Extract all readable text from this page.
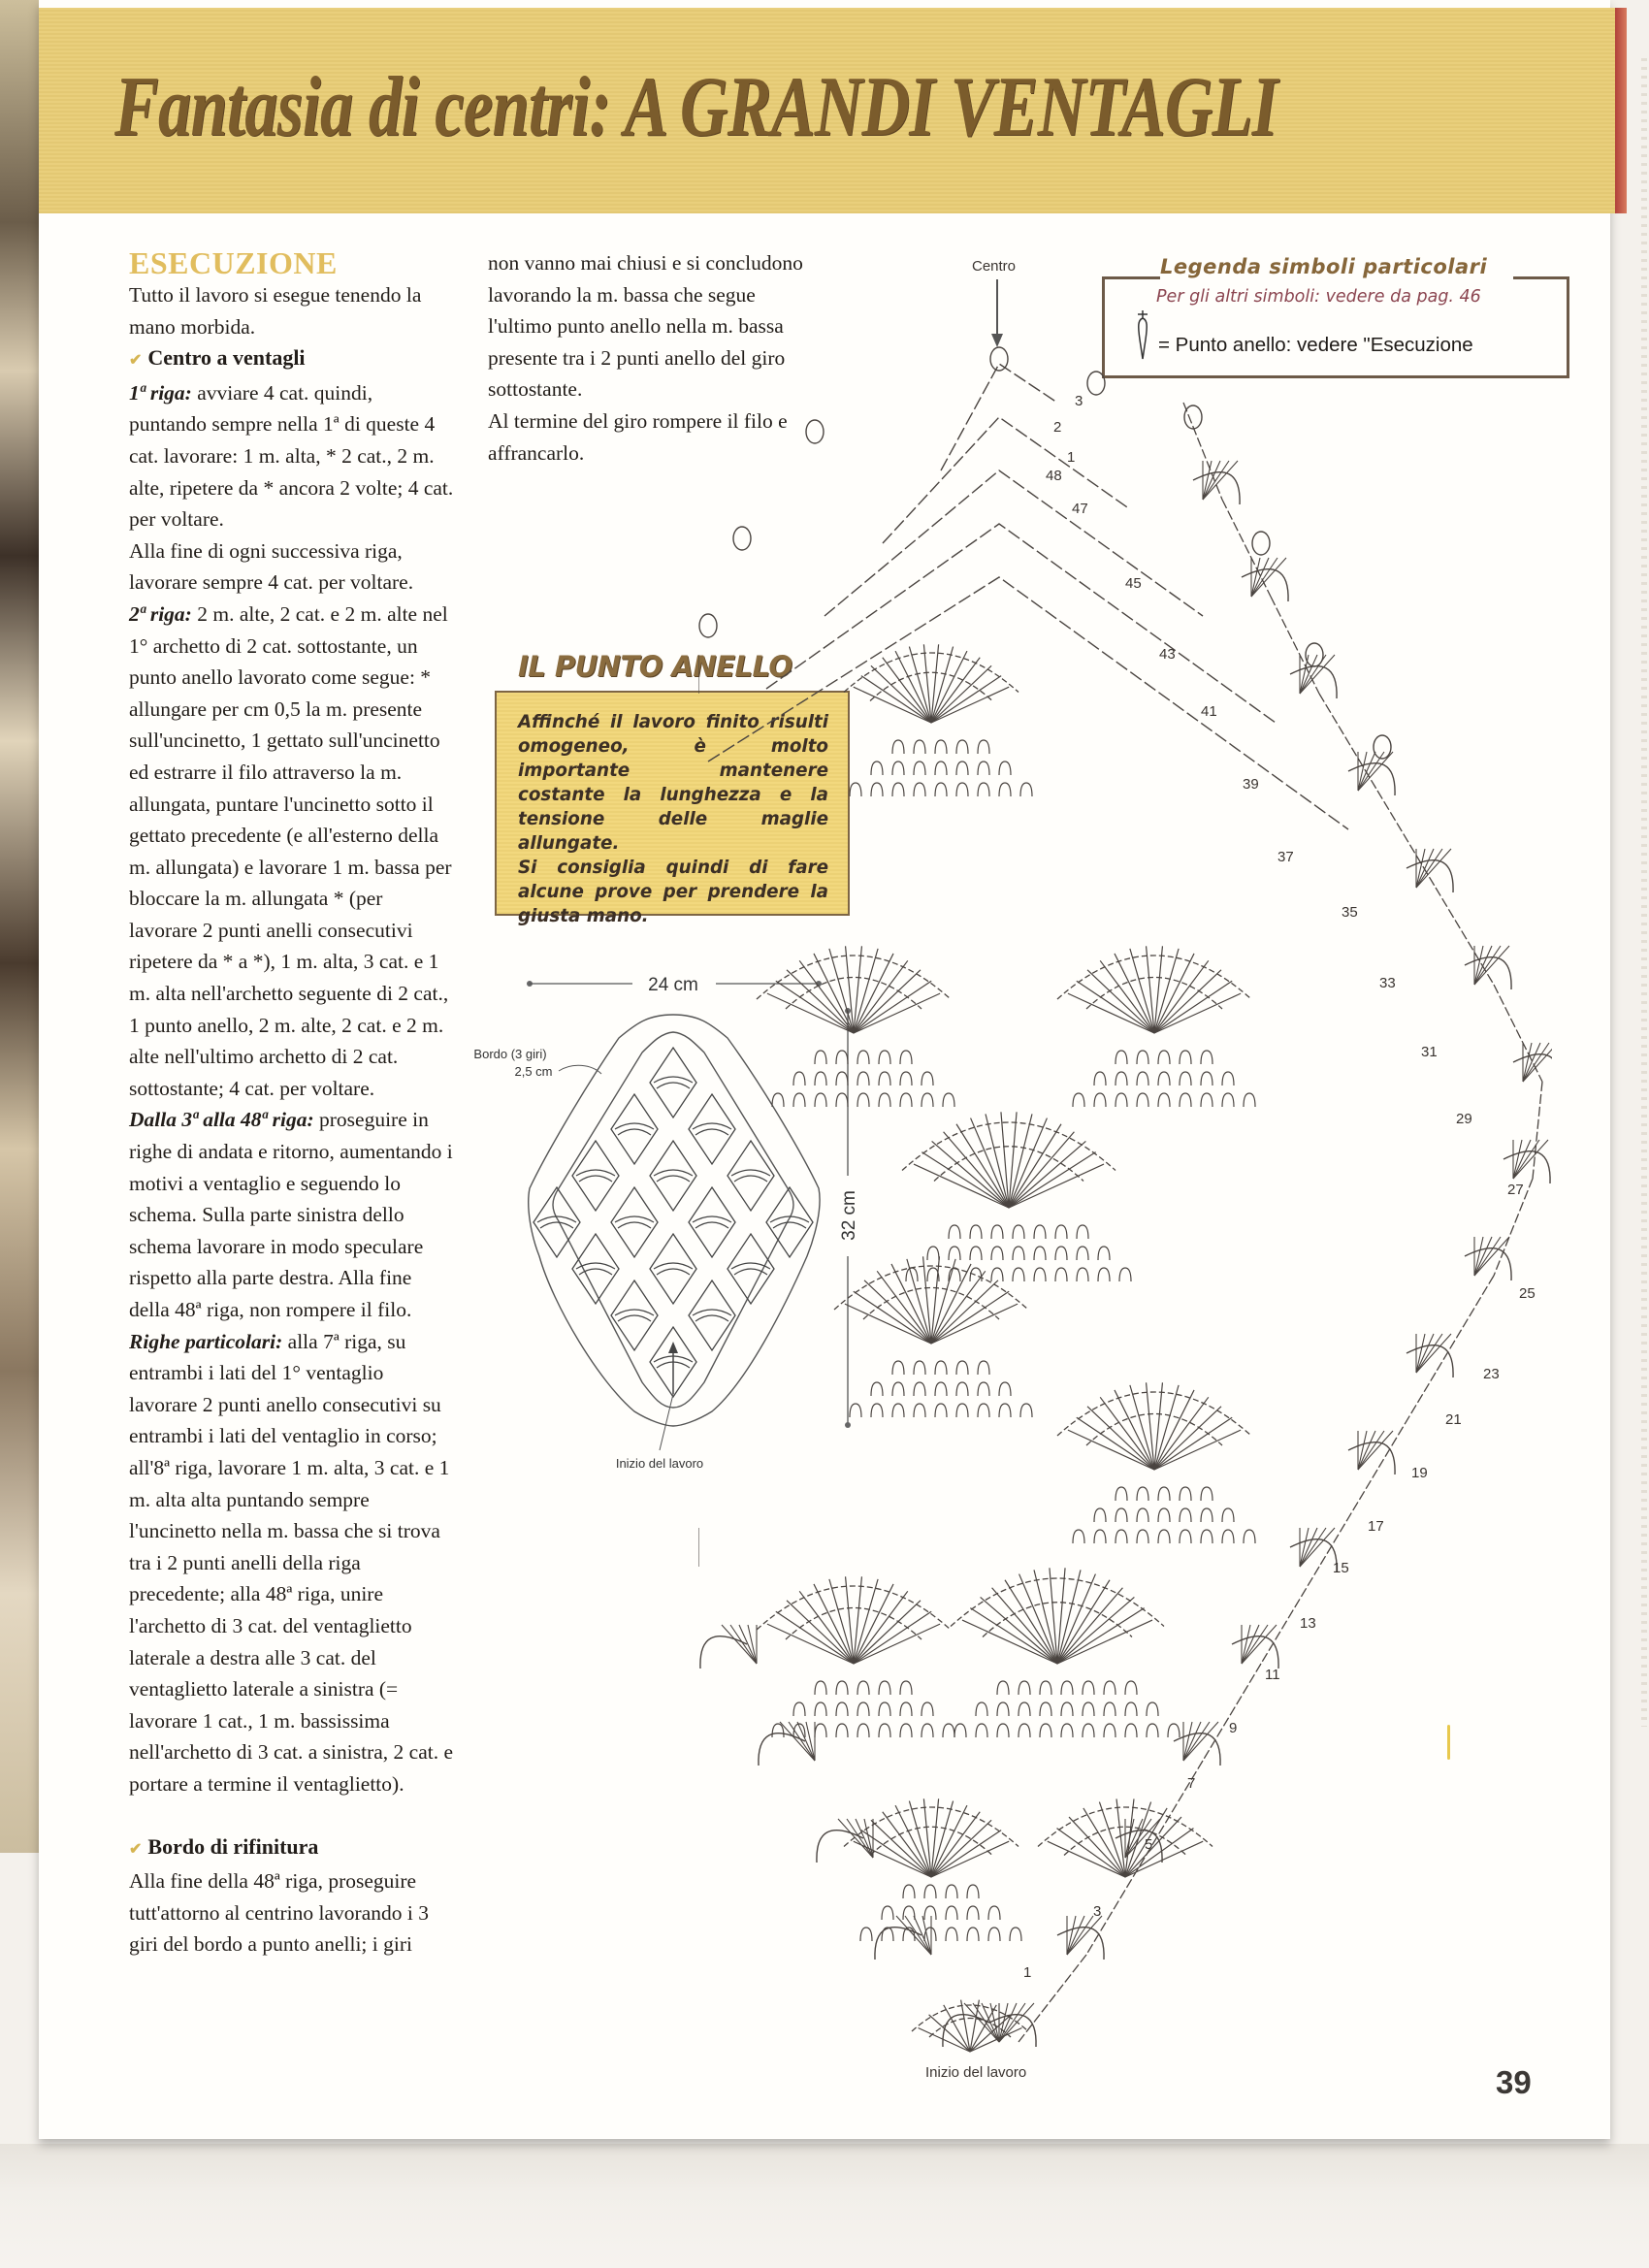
Fantasia di centri: A GRANDI VENTAGLI

ESECUZIONE

Tutto il lavoro si esegue tenendo la mano morbida.

✔ Centro a ventagli

1ª riga: avviare 4 cat. quindi, puntando sempre nella 1ª di queste 4 cat. lavorare: 1 m. alta, * 2 cat., 2 m. alte, ripetere da * ancora 2 volte; 4 cat. per voltare.

Alla fine di ogni successiva riga, lavorare sempre 4 cat. per voltare.

2ª riga: 2 m. alte, 2 cat. e 2 m. alte nel 1° archetto di 2 cat. sottostante, un punto anello lavorato come segue: * allungare per cm 0,5 la m. presente sull'uncinetto, 1 gettato sull'uncinetto ed estrarre il filo attraverso la m. allungata, puntare l'uncinetto sotto il gettato precedente (e all'esterno della m. allungata) e lavorare 1 m. bassa per bloccare la m. allungata * (per lavorare 2 punti anelli consecutivi ripetere da * a *), 1 m. alta, 3 cat. e 1 m. alta nell'archetto seguente di 2 cat., 1 punto anello, 2 m. alte, 2 cat. e 2 m. alte nell'ultimo archetto di 2 cat. sottostante; 4 cat. per voltare.

Dalla 3ª alla 48ª riga: proseguire in righe di andata e ritorno, aumentando i motivi a ventaglio e seguendo lo schema. Sulla parte sinistra dello schema lavorare in modo speculare rispetto alla parte destra. Alla fine della 48ª riga, non rompere il filo.

Righe particolari: alla 7ª riga, su entrambi i lati del 1° ventaglio lavorare 2 punti anello consecutivi su entrambi i lati del ventaglio in corso; all'8ª riga, lavorare 1 m. alta, 3 cat. e 1 m. alta alta puntando sempre l'uncinetto nella m. bassa che si trova tra i 2 punti anelli della riga precedente; alla 48ª riga, unire l'archetto di 3 cat. del ventaglietto laterale a destra alle 3 cat. del ventaglietto laterale a sinistra (= lavorare 1 cat., 1 m. bassissima nell'archetto di 3 cat. a sinistra, 2 cat. e portare a termine il ventaglietto).

✔ Bordo di rifinitura

Alla fine della 48ª riga, proseguire tutt'attorno al centrino lavorando i 3 giri del bordo a punto anelli; i giri

non vanno mai chiusi e si concludono lavorando la m. bassa che segue l'ultimo punto anello nella m. bassa presente tra i 2 punti anello del giro sottostante.

Al termine del giro rompere il filo e affrancarlo.

Legenda simboli particolari
Per gli altri simboli: vedere da pag. 46
= Punto anello: vedere "Esecuzione
IL PUNTO ANELLO

Affinché il lavoro finito risulti omogeneo, è molto importante mantenere costante la lunghezza e la tensione delle maglie allungate.

Si consiglia quindi di fare alcune prove per prendere la giusta mano.

24 cm
32 cm
Bordo (3 giri)
2,5 cm
Inizio del lavoro
Centro
Inizio del lavoro
3
2
1
48
47
45
43
41
39
37
35
33
31
29
27
25
23
21
19
17
15
13
11
9
7
5
3
1
39
